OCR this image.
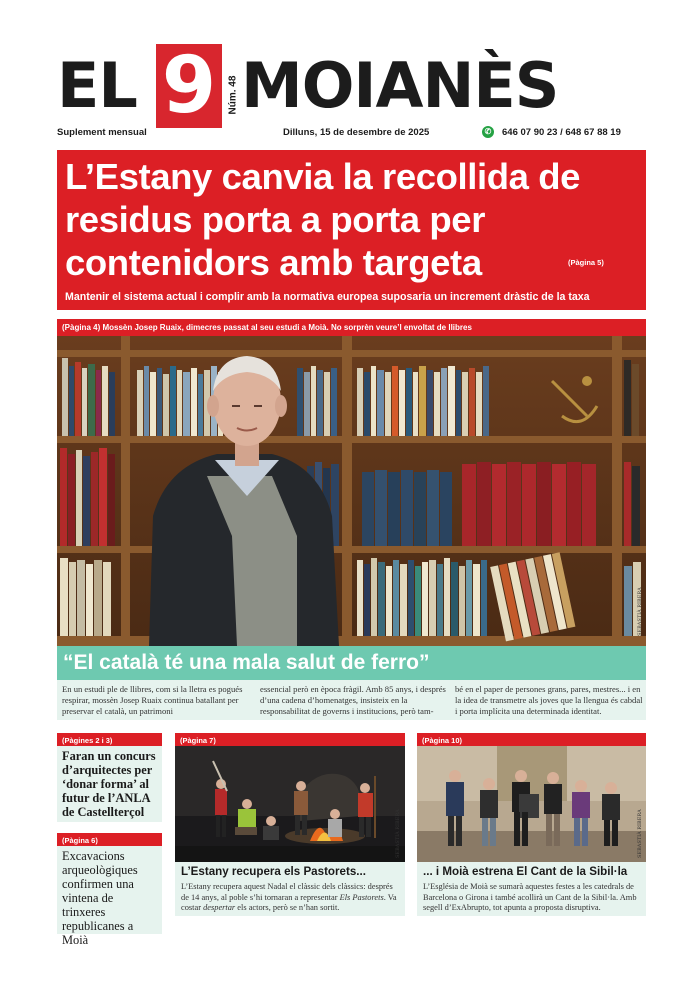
EL 9	Núm. 48 MOIANÈS
Suplement mensual	Dilluns, 15 de desembre de 2025	✆ 646 07 90 23 / 648 67 88 19
L’Estany canvia la recollida de residus porta a porta per contenidors amb targeta	(Pàgina 5)
Mantenir el sistema actual i complir amb la normativa europea suposaria un increment dràstic de la taxa
(Pàgina 4) Mossèn Josep Ruaix, dimecres passat al seu estudi a Moià. No sorprèn veure’l envoltat de llibres
SEBASTIÀ RIBERA
“El català té una mala salut de ferro”
En un estudi ple de llibres, com si la lletra es pogués respirar, mossèn Josep Ruaix continua batallant per preservar el català, un patrimoni
essencial però en època fràgil. Amb 85 anys, i després d’una cadena d’homenatges, insisteix en la responsabilitat de governs i institucions, però tam-
bé en el paper de persones grans, pares, mestres... i en la idea de transmetre als joves que la llengua és cabdal i porta implícita una determinada identitat.
(Pàgines 2 i 3)
Faran un concurs d’arquitectes per ‘donar forma’ al futur de l’ANLA de Castellterçol
(Pàgina 6)
Excavacions arqueològiques confirmen una vintena de trinxeres republicanes a Moià
(Pàgina 7)
SEBASTIÀ RIBERA
L’Estany recupera els Pastorets...
L’Estany recupera aquest Nadal el clàssic dels clàssics: després de 14 anys, al poble s’hi tornaran a representar Els Pastorets. Va costar despertar els actors, però se n’han sortit.
(Pàgina 10)
SEBASTIÀ RIBERA
... i Moià estrena El Cant de la Sibil·la
L’Església de Moià se sumarà aquestes festes a les catedrals de Barcelona o Girona i també acollirà un Cant de la Sibil·la. Amb segell d’ExAbrupto, tot apunta a proposta disruptiva.
